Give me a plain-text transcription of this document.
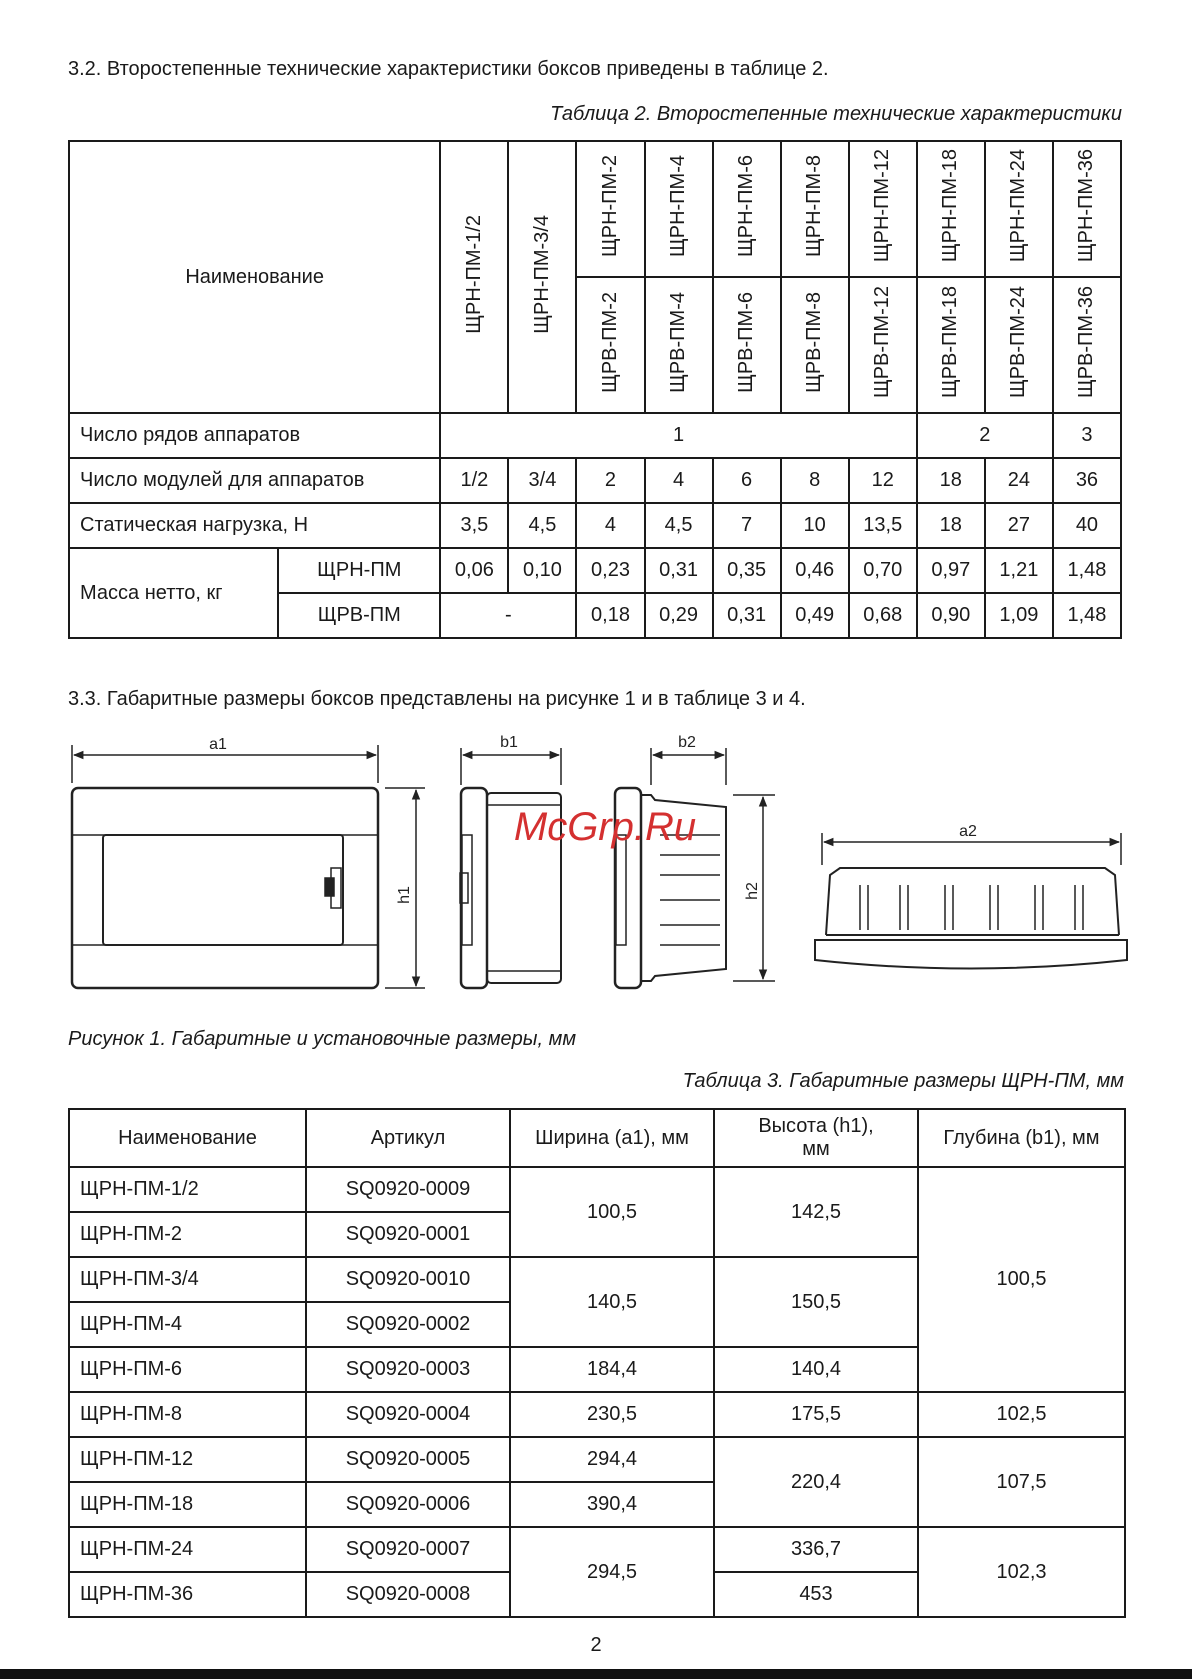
3.2. Второстепенные технические характеристики боксов приведены в таблице 2.
Таблица 2. Второстепенные технические характеристики
Наименование		ЩРН-ПМ-1/2	ЩРН-ПМ-3/4	ЩРН-ПМ-2	ЩРН-ПМ-4	ЩРН-ПМ-6	ЩРН-ПМ-8	ЩРН-ПМ-12	ЩРН-ПМ-18	ЩРН-ПМ-24	ЩРН-ПМ-36
				ЩРВ-ПМ-2	ЩРВ-ПМ-4	ЩРВ-ПМ-6	ЩРВ-ПМ-8	ЩРВ-ПМ-12	ЩРВ-ПМ-18	ЩРВ-ПМ-24	ЩРВ-ПМ-36
Число рядов аппаратов		1							2		3
Число модулей для аппаратов		1/2	3/4	2	4	6	8	12	18	24	36
Статическая нагрузка, Н		3,5	4,5	4	4,5	7	10	13,5	18	27	40
Масса нетто, кг	ЩРН-ПМ	0,06	0,10	0,23	0,31	0,35	0,46	0,70	0,97	1,21	1,48
	ЩРВ-ПМ	-		0,18	0,29	0,31	0,49	0,68	0,90	1,09	1,48
3.3. Габаритные размеры боксов представлены на рисунке 1 и в таблице 3 и 4.
a1	b1	b2
a2
h1	h2
McGrp.Ru
Рисунок 1. Габаритные и установочные размеры, мм
Таблица 3. Габаритные размеры ЩРН-ПМ, мм
Наименование	Артикул	Ширина (a1), мм	Высота (h1), мм	Глубина (b1), мм
ЩРН-ПМ-1/2	SQ0920-0009	100,5	142,5	100,5
ЩРН-ПМ-2	SQ0920-0001			
ЩРН-ПМ-3/4	SQ0920-0010	140,5	150,5	
ЩРН-ПМ-4	SQ0920-0002			
ЩРН-ПМ-6	SQ0920-0003	184,4	140,4	
ЩРН-ПМ-8	SQ0920-0004	230,5	175,5	102,5
ЩРН-ПМ-12	SQ0920-0005	294,4	220,4	107,5
ЩРН-ПМ-18	SQ0920-0006	390,4		
ЩРН-ПМ-24	SQ0920-0007	294,5	336,7	102,3
ЩРН-ПМ-36	SQ0920-0008		453	
2
